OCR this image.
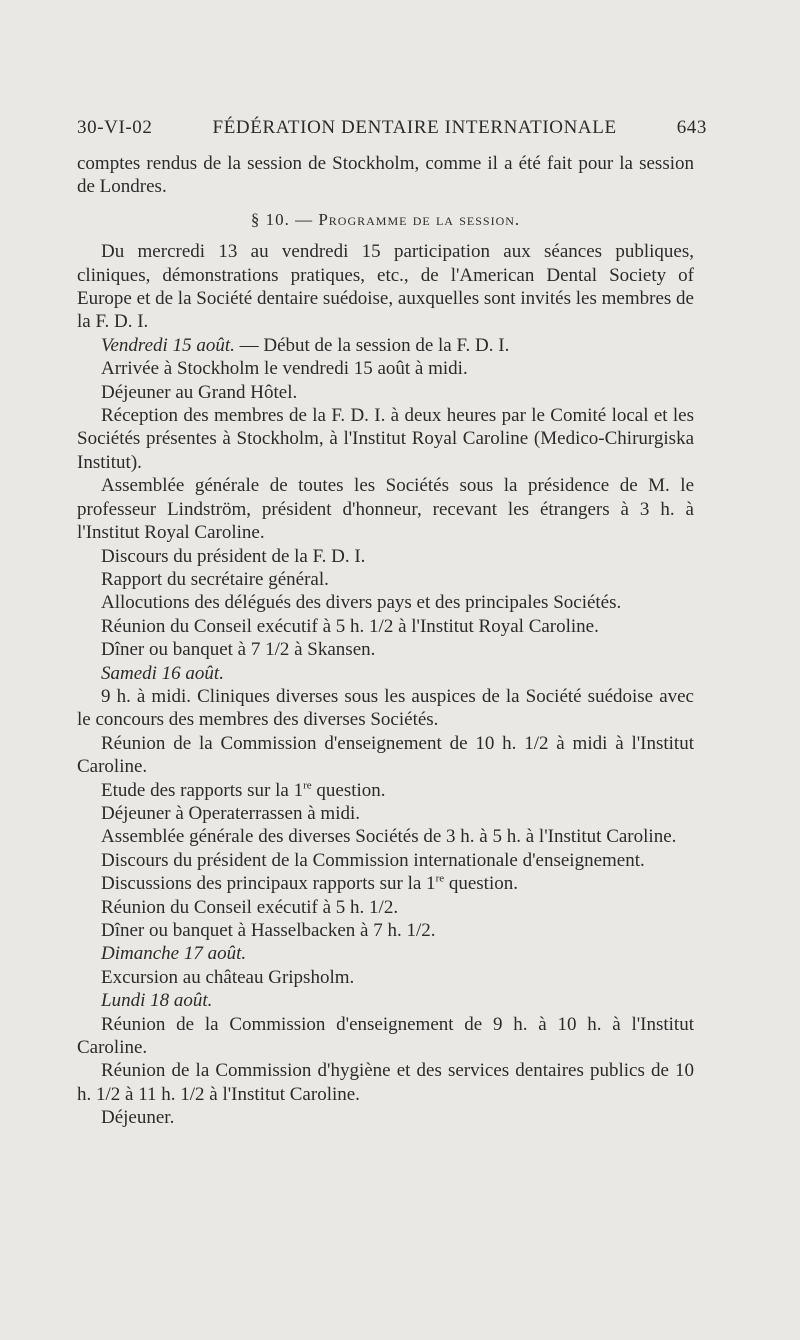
30-VI-02	FÉDÉRATION DENTAIRE INTERNATIONALE	643

comptes rendus de la session de Stockholm, comme il a été fait pour la session de Londres.

§ 10. — Programme de la session.

Du mercredi 13 au vendredi 15 participation aux séances publiques, cliniques, démonstrations pratiques, etc., de l'American Dental Society of Europe et de la Société dentaire suédoise, auxquelles sont invités les membres de la F. D. I.

Vendredi 15 août. — Début de la session de la F. D. I.

Arrivée à Stockholm le vendredi 15 août à midi.

Déjeuner au Grand Hôtel.

Réception des membres de la F. D. I. à deux heures par le Comité local et les Sociétés présentes à Stockholm, à l'Institut Royal Caroline (Medico-Chirurgiska Institut).

Assemblée générale de toutes les Sociétés sous la présidence de M. le professeur Lindström, président d'honneur, recevant les étrangers à 3 h. à l'Institut Royal Caroline.

Discours du président de la F. D. I.

Rapport du secrétaire général.

Allocutions des délégués des divers pays et des principales Sociétés.

Réunion du Conseil exécutif à 5 h. 1/2 à l'Institut Royal Caroline.

Dîner ou banquet à 7 1/2 à Skansen.

Samedi 16 août.

9 h. à midi. Cliniques diverses sous les auspices de la Société suédoise avec le concours des membres des diverses Sociétés.

Réunion de la Commission d'enseignement de 10 h. 1/2 à midi à l'Institut Caroline.

Etude des rapports sur la 1re question.

Déjeuner à Operaterrassen à midi.

Assemblée générale des diverses Sociétés de 3 h. à 5 h. à l'Institut Caroline.

Discours du président de la Commission internationale d'enseignement.

Discussions des principaux rapports sur la 1re question.

Réunion du Conseil exécutif à 5 h. 1/2.

Dîner ou banquet à Hasselbacken à 7 h. 1/2.

Dimanche 17 août.

Excursion au château Gripsholm.

Lundi 18 août.

Réunion de la Commission d'enseignement de 9 h. à 10 h. à l'Institut Caroline.

Réunion de la Commission d'hygiène et des services dentaires publics de 10 h. 1/2 à 11 h. 1/2 à l'Institut Caroline.

Déjeuner.
